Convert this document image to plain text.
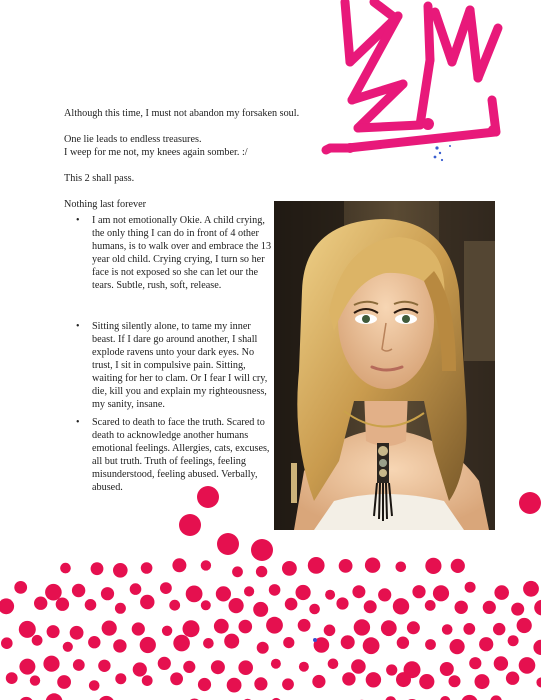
Although this time, I must not abandon my forsaken soul.

One lie leads to endless treasures.

I weep for me not, my knees again somber. :/

This 2 shall pass.

Nothing last forever

• I am not emotionally Okie. A child crying, the only thing I can do in front of 4 other humans, is to walk over and embrace the 13 year old child. Crying crying, I turn so her face is not exposed so she can let our the tears. Subtle, rush, soft, release.
• Sitting silently alone, to tame my inner beast. If I dare go around another, I shall explode ravens unto your dark eyes. No trust, I sit in compulsive pain. Sitting, waiting for her to clam. Or I fear I will cry, die, kill you and explain my righteousness, my sanity, insane.
• Scared to death to face the truth. Scared to death to acknowledge another humans emotional feelings. Allergies, cats, excuses, all but truth. Truth of feelings, feeling misunderstood, feeling abused. Verbally, abused.
